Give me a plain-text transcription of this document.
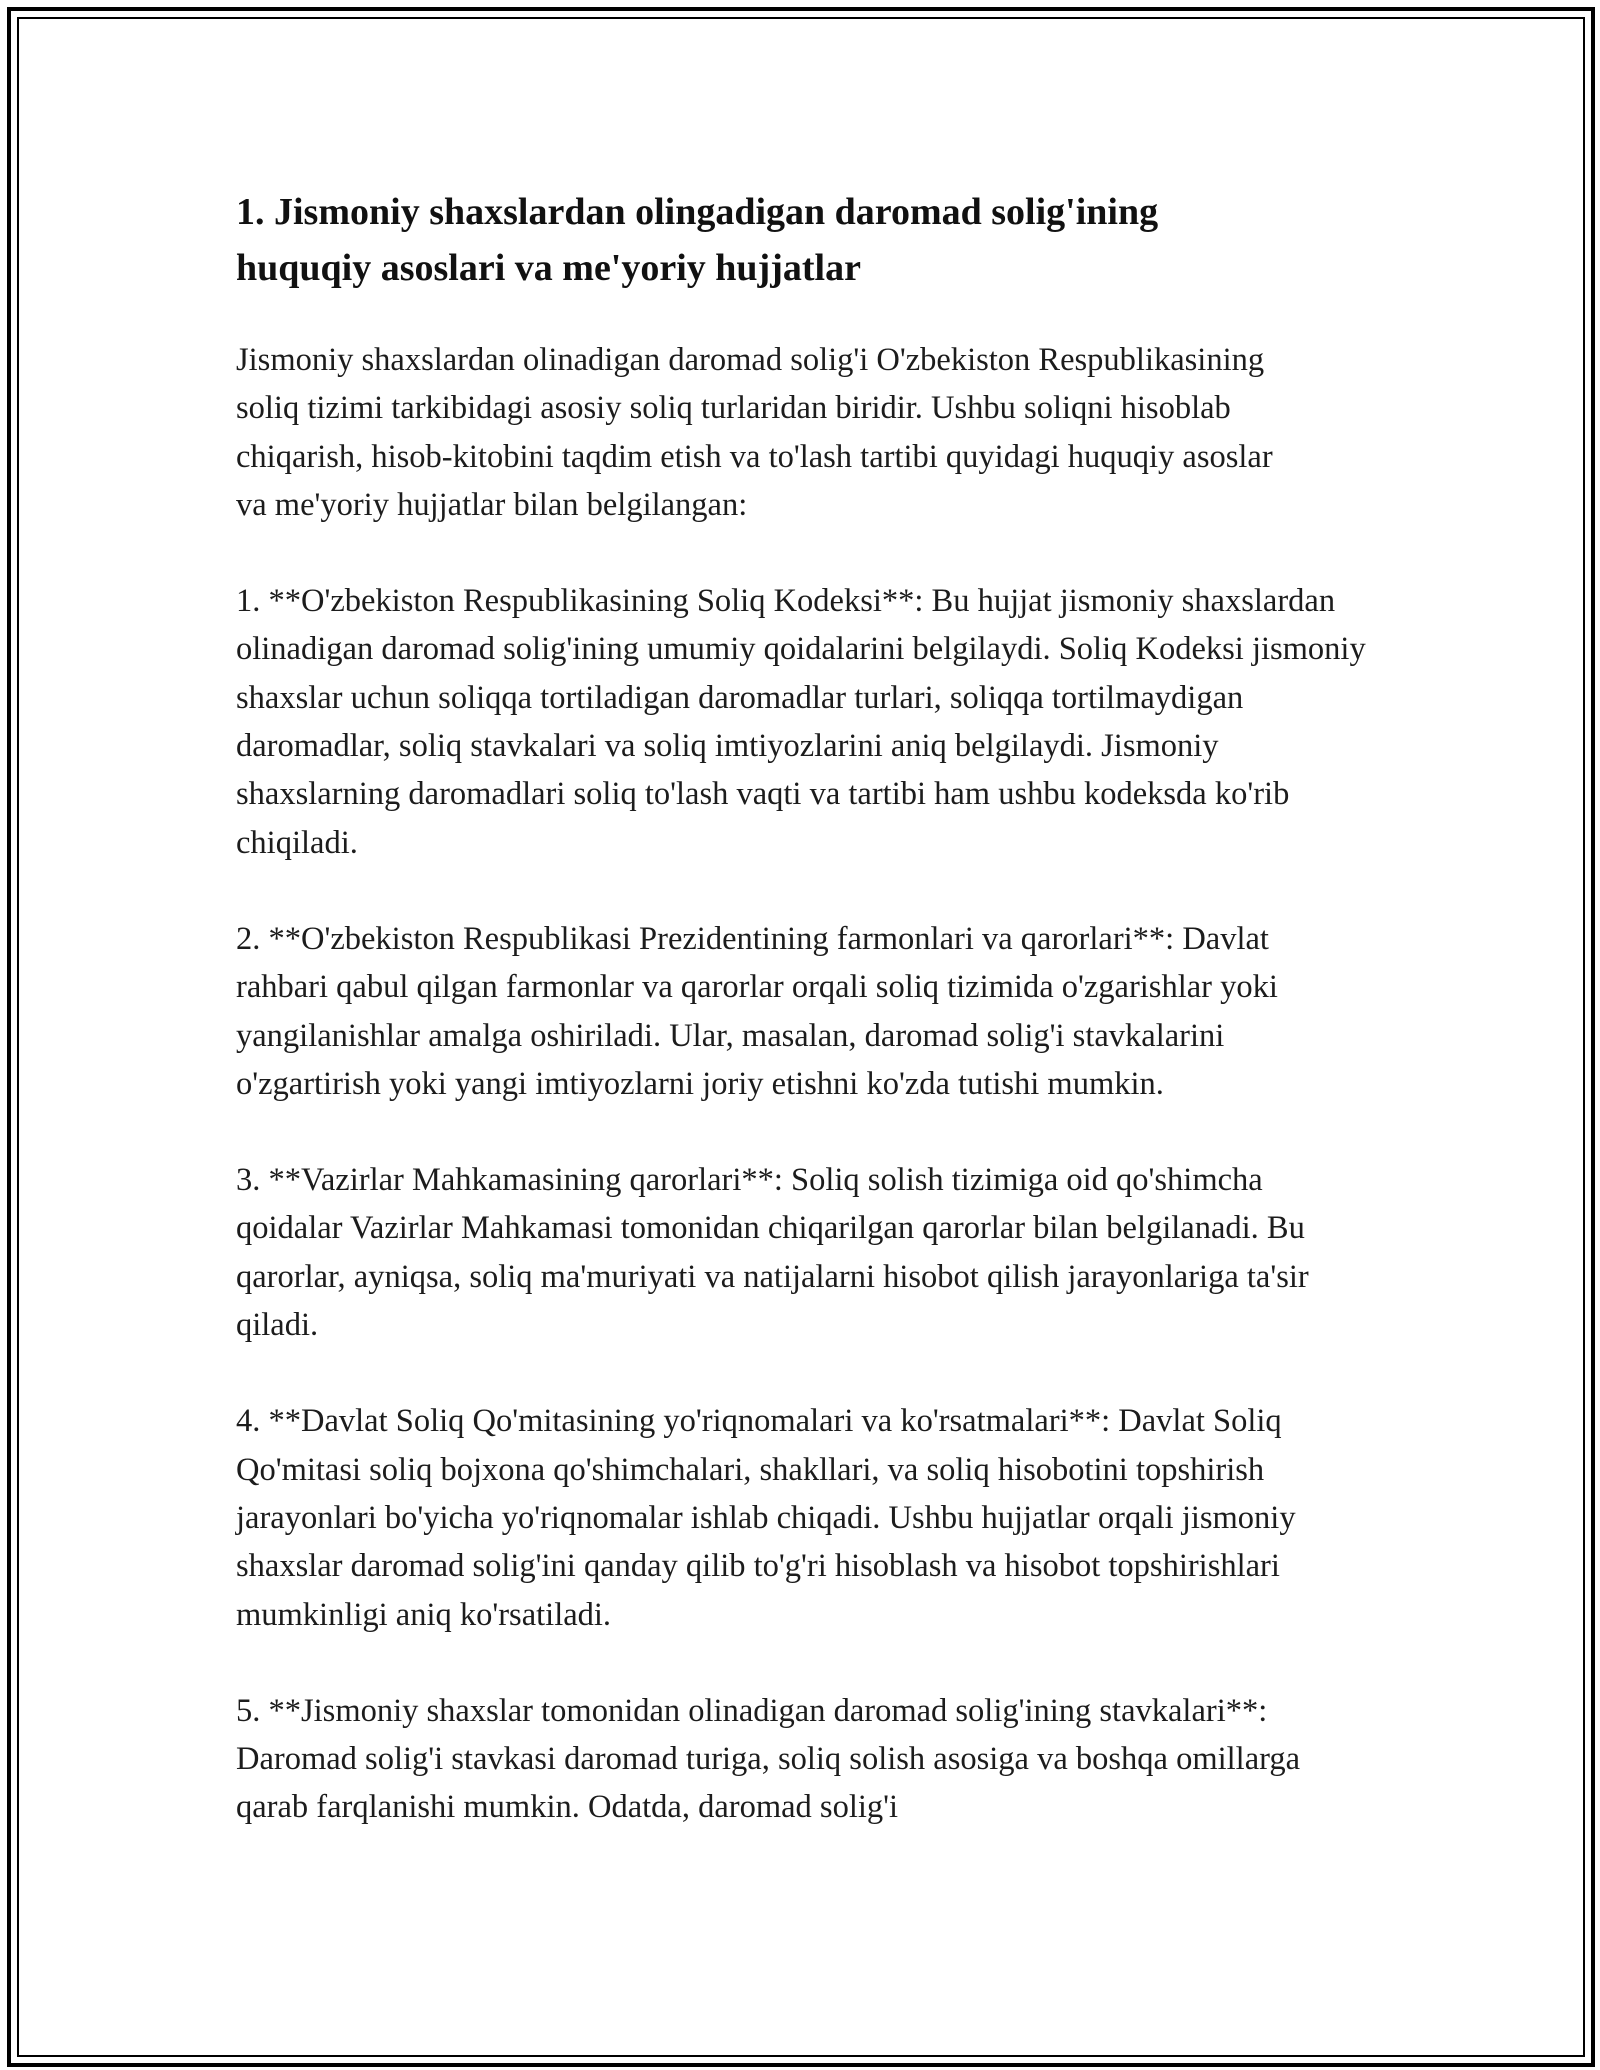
1. Jismoniy shaxslardan olingadigan daromad solig'ining huquqiy asoslari va me'yoriy hujjatlar

Jismoniy shaxslardan olinadigan daromad solig'i O'zbekiston Respublikasining soliq tizimi tarkibidagi asosiy soliq turlaridan biridir. Ushbu soliqni hisoblab chiqarish, hisob-kitobini taqdim etish va to'lash tartibi quyidagi huquqiy asoslar va me'yoriy hujjatlar bilan belgilangan:

1. **O'zbekiston Respublikasining Soliq Kodeksi**: Bu hujjat jismoniy shaxslardan olinadigan daromad solig'ining umumiy qoidalarini belgilaydi. Soliq Kodeksi jismoniy shaxslar uchun soliqqa tortiladigan daromadlar turlari, soliqqa tortilmaydigan daromadlar, soliq stavkalari va soliq imtiyozlarini aniq belgilaydi. Jismoniy shaxslarning daromadlari soliq to'lash vaqti va tartibi ham ushbu kodeksda ko'rib chiqiladi.

2. **O'zbekiston Respublikasi Prezidentining farmonlari va qarorlari**: Davlat rahbari qabul qilgan farmonlar va qarorlar orqali soliq tizimida o'zgarishlar yoki yangilanishlar amalga oshiriladi. Ular, masalan, daromad solig'i stavkalarini o'zgartirish yoki yangi imtiyozlarni joriy etishni ko'zda tutishi mumkin.

3. **Vazirlar Mahkamasining qarorlari**: Soliq solish tizimiga oid qo'shimcha qoidalar Vazirlar Mahkamasi tomonidan chiqarilgan qarorlar bilan belgilanadi. Bu qarorlar, ayniqsa, soliq ma'muriyati va natijalarni hisobot qilish jarayonlariga ta'sir qiladi.

4. **Davlat Soliq Qo'mitasining yo'riqnomalari va ko'rsatmalari**: Davlat Soliq Qo'mitasi soliq bojxona qo'shimchalari, shakllari, va soliq hisobotini topshirish jarayonlari bo'yicha yo'riqnomalar ishlab chiqadi. Ushbu hujjatlar orqali jismoniy shaxslar daromad solig'ini qanday qilib to'g'ri hisoblash va hisobot topshirishlari mumkinligi aniq ko'rsatiladi.

5. **Jismoniy shaxslar tomonidan olinadigan daromad solig'ining stavkalari**: Daromad solig'i stavkasi daromad turiga, soliq solish asosiga va boshqa omillarga qarab farqlanishi mumkin. Odatda, daromad solig'i
